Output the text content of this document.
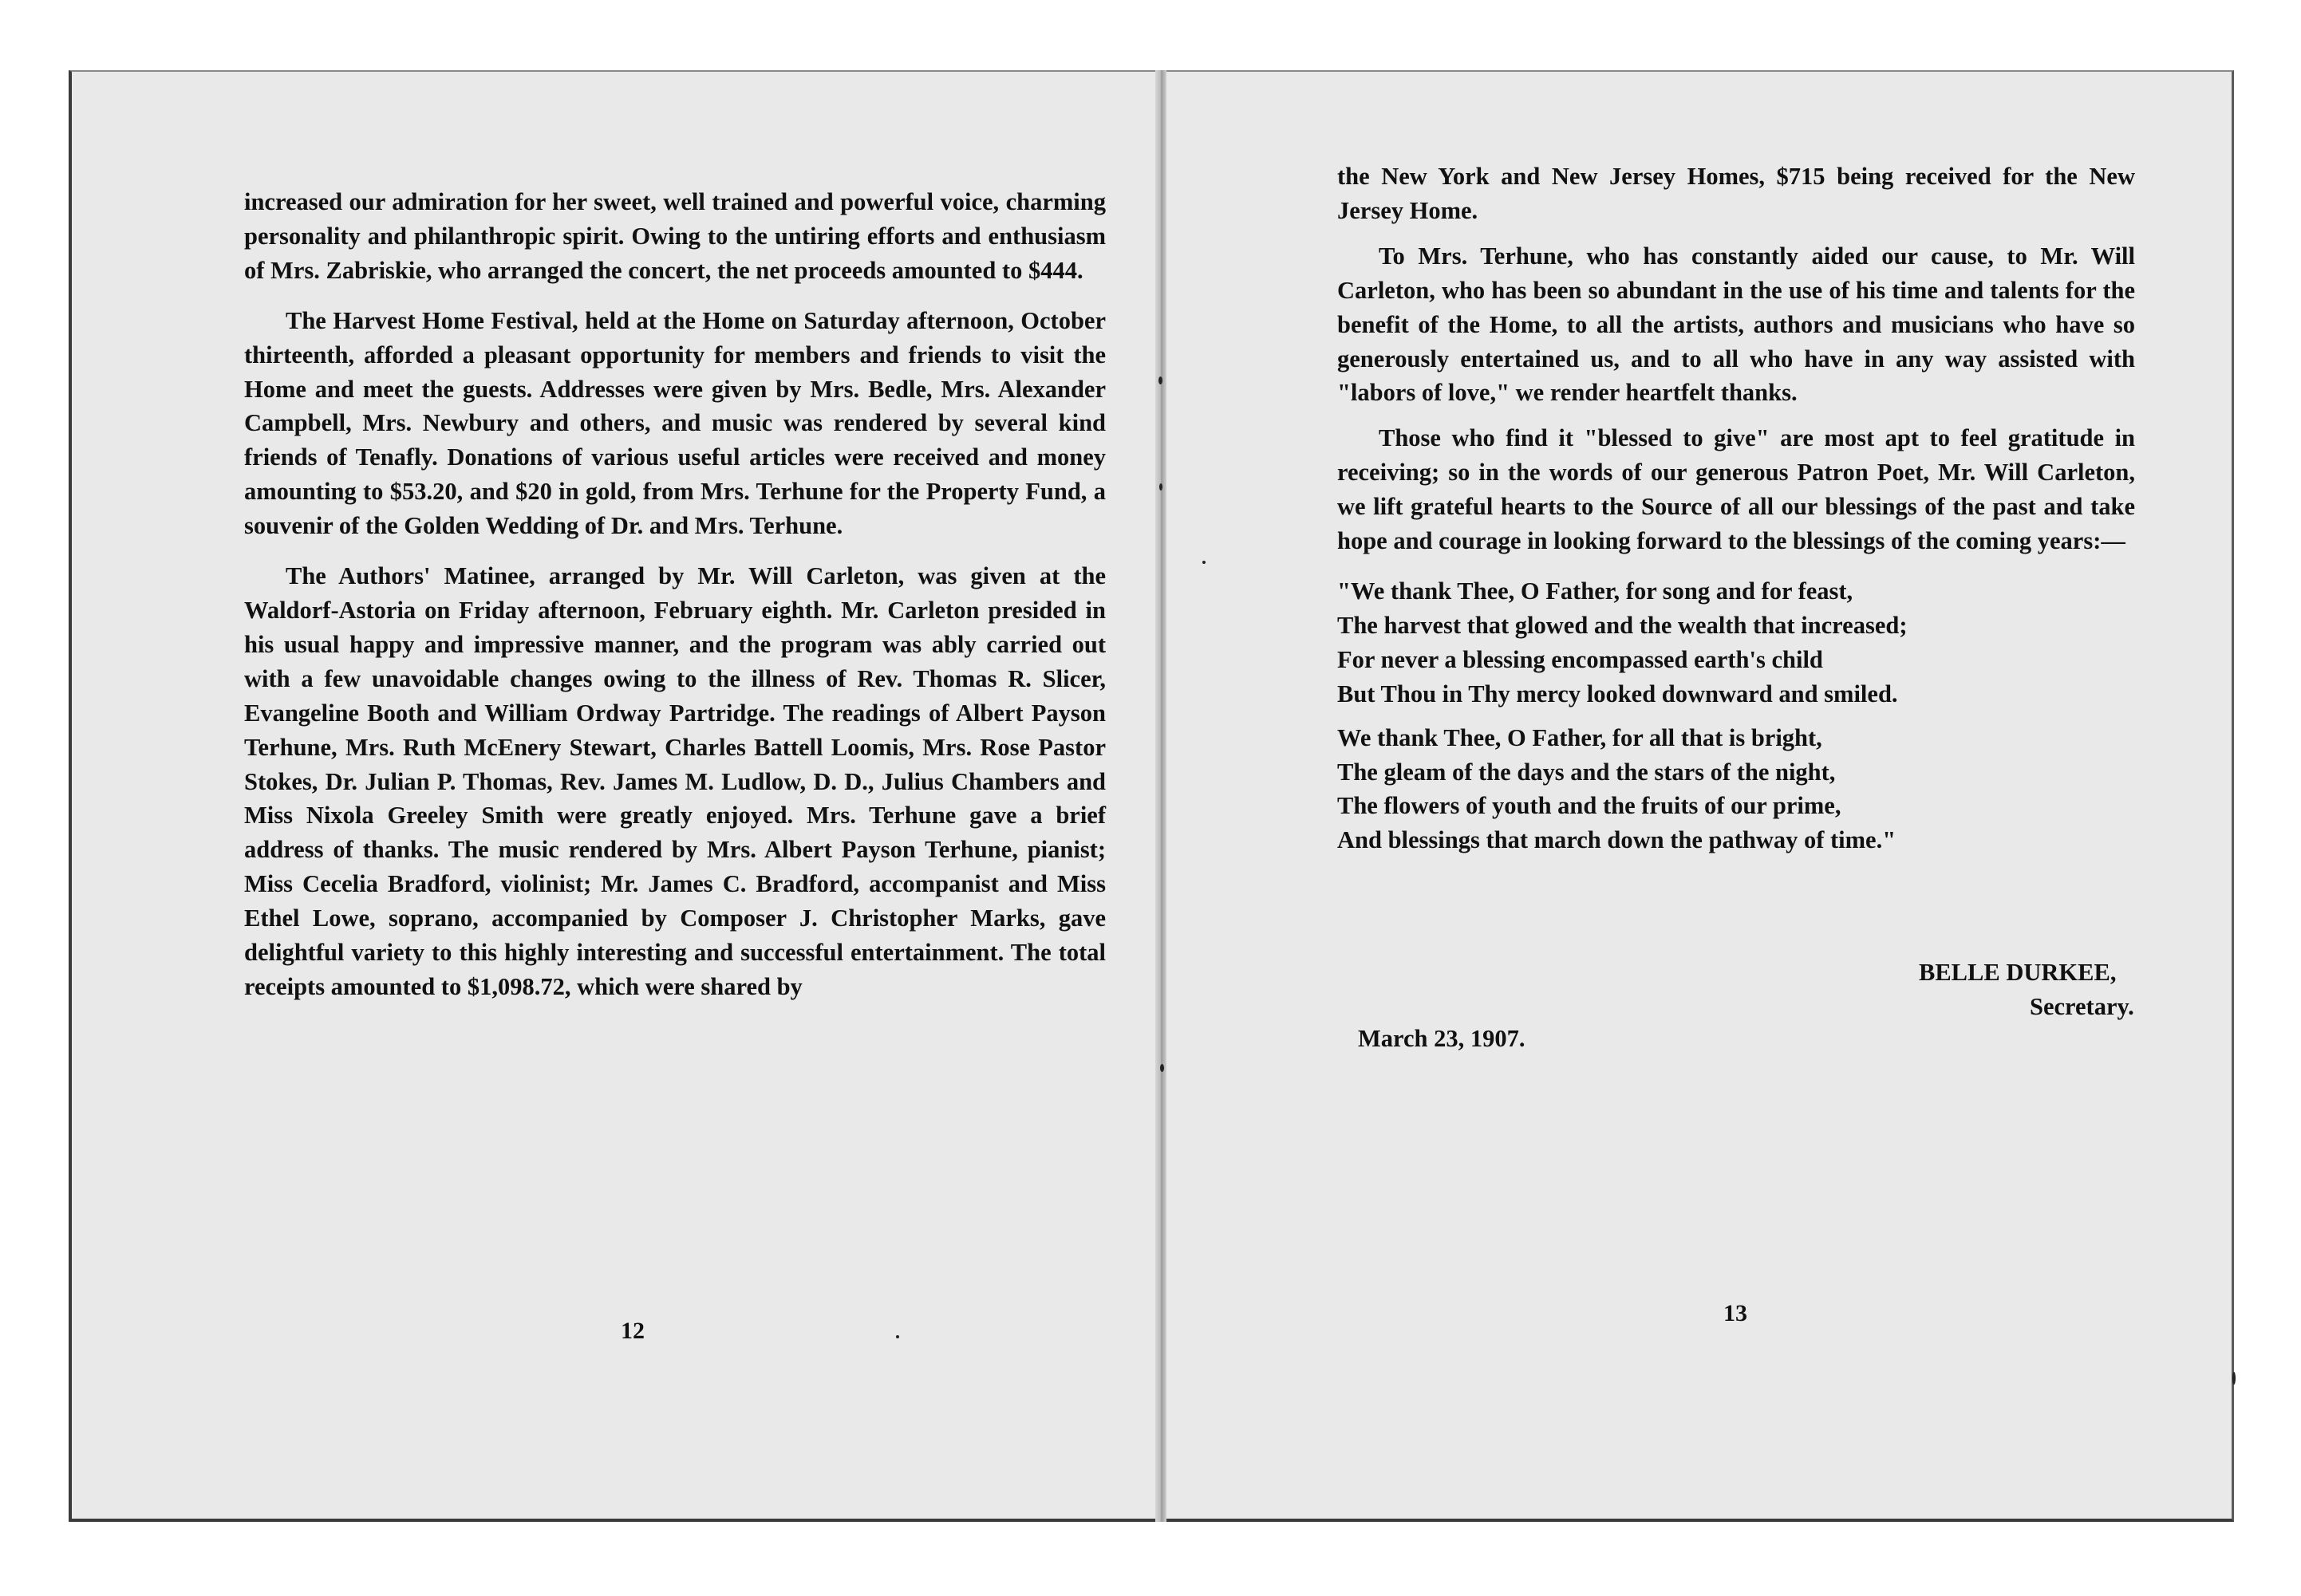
increased our admiration for her sweet, well trained and powerful voice, charming personality and philanthropic spirit. Owing to the untiring efforts and enthusiasm of Mrs. Zabriskie, who arranged the concert, the net proceeds amounted to $444.

The Harvest Home Festival, held at the Home on Saturday afternoon, October thirteenth, afforded a pleasant opportunity for members and friends to visit the Home and meet the guests. Addresses were given by Mrs. Bedle, Mrs. Alexander Campbell, Mrs. Newbury and others, and music was rendered by several kind friends of Tenafly. Donations of various useful articles were received and money amounting to $53.20, and $20 in gold, from Mrs. Terhune for the Property Fund, a souvenir of the Golden Wedding of Dr. and Mrs. Terhune.

The Authors' Matinee, arranged by Mr. Will Carleton, was given at the Waldorf-Astoria on Friday afternoon, February eighth. Mr. Carleton presided in his usual happy and impressive manner, and the program was ably carried out with a few unavoidable changes owing to the illness of Rev. Thomas R. Slicer, Evangeline Booth and William Ordway Partridge. The readings of Albert Payson Terhune, Mrs. Ruth McEnery Stewart, Charles Battell Loomis, Mrs. Rose Pastor Stokes, Dr. Julian P. Thomas, Rev. James M. Ludlow, D. D., Julius Chambers and Miss Nixola Greeley Smith were greatly enjoyed. Mrs. Terhune gave a brief address of thanks. The music rendered by Mrs. Albert Payson Terhune, pianist; Miss Cecelia Bradford, violinist; Mr. James C. Bradford, accompanist and Miss Ethel Lowe, soprano, accompanied by Composer J. Christopher Marks, gave delightful variety to this highly interesting and successful entertainment. The total receipts amounted to $1,098.72, which were shared by

12

the New York and New Jersey Homes, $715 being received for the New Jersey Home.

To Mrs. Terhune, who has constantly aided our cause, to Mr. Will Carleton, who has been so abundant in the use of his time and talents for the benefit of the Home, to all the artists, authors and musicians who have so generously entertained us, and to all who have in any way assisted with "labors of love," we render heartfelt thanks.

Those who find it "blessed to give" are most apt to feel gratitude in receiving; so in the words of our generous Patron Poet, Mr. Will Carleton, we lift grateful hearts to the Source of all our blessings of the past and take hope and courage in looking forward to the blessings of the coming years:—

"We thank Thee, O Father, for song and for feast,
The harvest that glowed and the wealth that increased;
For never a blessing encompassed earth's child
But Thou in Thy mercy looked downward and smiled.
We thank Thee, O Father, for all that is bright,
The gleam of the days and the stars of the night,
The flowers of youth and the fruits of our prime,
And blessings that march down the pathway of time."
BELLE DURKEE,
Secretary.
March 23, 1907.
13
